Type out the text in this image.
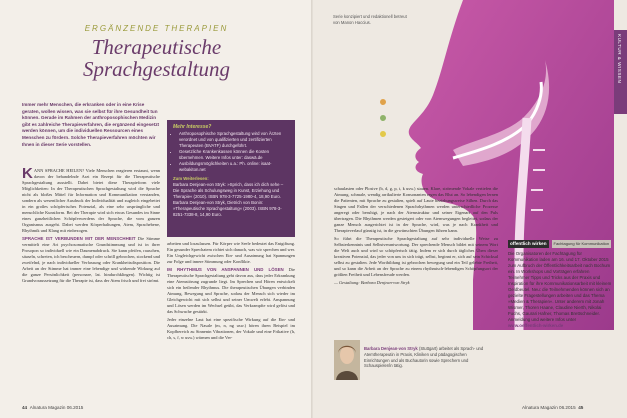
ERGÄNZENDE THERAPIEN
Therapeutische
Sprachgestaltung
Immer mehr Menschen, die erkranken oder in eine Krise geraten, wollen wissen, was sie selbst für ihre Gesundheit tun können. Gerade im Rahmen der anthroposophischen Medizin gibt es zahlreiche Therapieverfahren, die ergänzend eingesetzt werden können, um die individuellen Ressourcen eines Menschen zu fördern. Solche Therapieverfahren möchten wir Ihnen in dieser Serie vorstellen.
Mehr Interesse?
• Anthroposophische Sprachgestaltung wird von Ärzten verordnet und von qualifizierten und zertifizierten Therapeuten (BVATF) durchgeführt.
• Gesetzliche Krankenkassen können die Kosten übernehmen. Weitere Infos unter: daswä.de
• Ausbildungsmöglichkeiten u.a.: Ph. online: isaat-webakiton.net
Zum Weiterlesen:
Barbara Denjean-von Stryk: »Sprich, dass ich dich sehe – Die Sprache als Schulungsweg in Kunst, Erziehung und Therapie« (2010). ISBN 978-3-7725-1980-4, 18,90 Euro.
Barbara Denjean-von Stryk, Dietrich von Bonin: »Therapeutische Sprachgestaltung« (2003). ISBN 978-3-8251-7338-8, 14,90 Euro.

KANN SPRACHE HEILEN? Viele Menschen reagieren erstaunt, wenn davon der behandelnde Arzt ein Rezept für die Therapeutische Sprachgestaltung ausstellt. Dabei bietet diese Therapieform viele Möglichkeiten: In der Therapeutischen Sprachgestaltung wird die Sprache nicht als bloßes Mittel für Information und Kommunikation verstanden, sondern als wesentlicher Ausdruck der Individualität und zugleich eingebettet in ein großes schöpferisches Potenzial, als eine sehr ursprüngliche und menschliche Kunstform. Bei der Therapie wird sich etwas Gesundes im Sinne eines ganzheitlichen Schöpferwerdens der Sprache, die vom ganzen Organismus ausgeht. Dabei werden Körperhaltungen, Atem, Sprachebene, Rhythmik und Klang mit einbezogen.

SPRACHE IST VERBUNDEN MIT DER MENSCHHEIT Die Stimme vermittelt eine Art psychosomatische Grundstimmung und ist in ihrer Prosopon so individuell wie ein Daumenabdruck. Sie kann pfeifen, rauschen, säuseln, schreien, ich bescheuern, dumpf oder schrill gebrochen, stockend und zweifelnd, je nach individueller Verfassung oder Krankheitsdisposition. Die Arbeit an der Stimme hat immer eine lebendige und wirkende Wirkung auf die ganze Persönlichkeit (personare, lat. hindurchklingen). Wichtig ist Grundvoraussetzung für die Therapie ist, dass der Atem frisch und frei strömt.

arbeiten und loszulassen. Für Körper wie Seele bedeutet das Entgiftung. Ein gesunder Sprechatem richtet sich danach, was wir sprechen und wer. Ein Ungleichgewicht zwischen Ein- und Ausatmung hat Spannungen zur Folge und innere Stimmung oder Konflikte.

IM RHYTHMUS VON ANSPANNEN UND LÖSEN Die Therapeutische Sprachgestaltung geht davon aus, dass jeder Erkrankung eine Atemstörung zugrunde liegt. Im Sprechen und Hören entwickelt sich ein heilender Rhythmus. Die therapeutischen Übungen verbinden Atmung, Bewegung und Sprache, sodass der Mensch sich wieder im Gleichgewicht mit sich selbst und seiner Umwelt erlebt. Anspannung und Lösen werden im Wechsel geübt, das Verkrampfte wird gelöst und das Schwache gestärkt.

Jeder einzelne Laut hat eine spezifische Wirkung auf die Ein- und Ausatmung. Die Nasale (m, n, ng usw.) hören ihren Beispiel im Kopfbereich zu Sinnenin Vibrationen, der Vokale und eine Frikative (h, ch, s, f, w usw.) wärmen und die Ver-

44 Alnatura Magazin 06.2015
Serie konzipiert und redaktionell betreut von Manon Haccius.
KULTUR & WISSEN

schaulasten oder Plosive (b, d, g, p, t, k usw.) stauen. Klare, strömende Vokale vertiefen die Atmung, schmale, wendig arrikulierte Konsonanten regen das Blut an. So lebendigen lernen die Patienten, mit Sprache zu gestalten, spielt auf Laute beziehungsweise Silben. Durch das Singen und Fallen der verschiedenen Sprachrhythmen werden unterschiedliche Prozesse angeregt oder beruhigt, je nach der Atemstruktur und seiner Eigenart auf den Puls übertragen. Die Rhythmen werden gesteigert oder von Atemwegungen begleitet, sodass der ganze Mensch ausgerichtet ist in der Sprache, wird, was je nach Krankheit und Therapieverlauf günstig ist, in die gewünschten Übungen führen kann.

So führt die Therapeutische Sprachgestaltung auf sehr individuelle Weise zu Selbsterkenntnis und Selbstverantwortung. Der sprechende Mensch bildet mit seinem Wort die Welt auch und wird so schöpferisch tätig. Indem er sich durch tägliches Üben dieser kreativen Potenzial, das jeder von uns in sich trägt, selbst, beginnt er, sich auf sein Schicksal selbst zu gestalten. Jede Wortbildung ist gebrochen bewegung und ein Teil gelebte Freiheit, und so kann die Arbeit an der Sprache zu einem rhythmisch-lebendigen Schöpfungsort der größten Freiheit und Lebensfreude werden.

— Gestaltung: Barbara Denjean-von Stryk

offentlich wirken	Fachtagung für Kommunikation
Die Organisatoren der Fachtagung für Kommunikation laden am 16. und 17. Oktober 2015 zum Aufbruch der Öffentlichkeitsarbeit nach Bochum ein. In Workshops und Vorträgen erfahren Teilnehmer Tipps und Tricks aus der Praxis und Inspiration für ihre Kommunikationsarbeit mit kleinem Geldbeutel. Neu: die Teilnehmenden können sich an gezielte Fragestellungen arbeiten und das Thema »Medien & Therapien«. Unter anderem mit Jonah Wismer, Thoren Haane, Claudine Nierth, Nikolai Fuchs, Gaurari Hafner, Thomas Brettschneider. Anmeldung und weitere Infos unter
www.oeffentlich-wirken.de
Barbara Denjean-von Stryk (Stuttgart) arbeitet als Sprach- und Atemtherapeutin in Praxis, Kliniken und pädagogischen Einrichtungen und als Buchautorin sowie Sprechern und Schauspieler/in tätig.
Alnatura Magazin 06.2015 45
